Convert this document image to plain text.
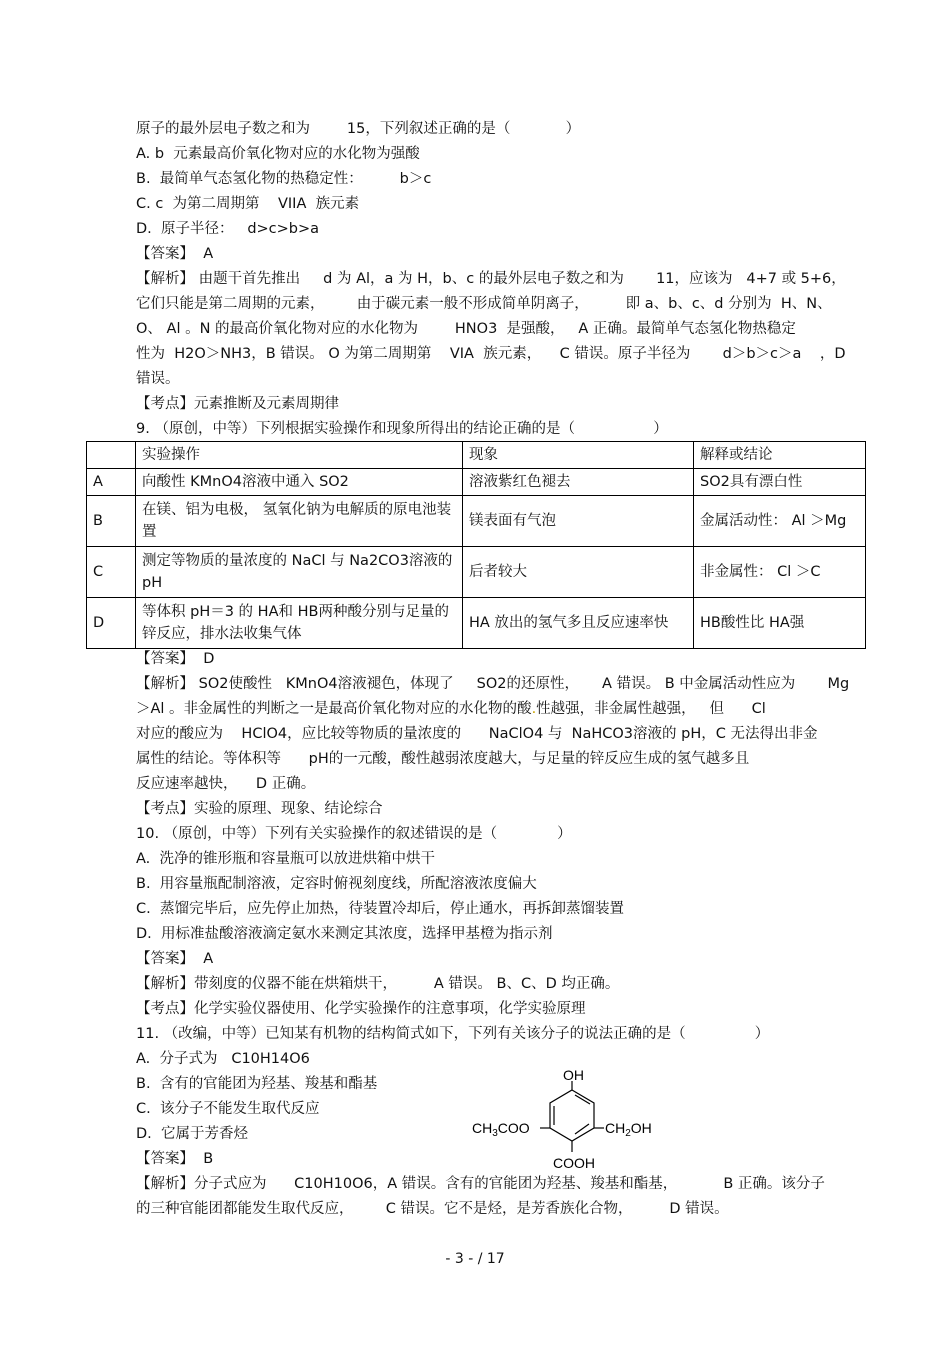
原子的最外层电子数之和为        15，下列叙述正确的是（            ）
A. b  元素最高价氧化物对应的水化物为强酸
B.  最简单气态氢化物的热稳定性：        b＞c
C. c  为第二周期第    VIIA  族元素
D.  原子半径：   d>c>b>a
【答案】  A
【解析】 由题干首先推出     d 为 Al，a 为 H，b、c 的最外层电子数之和为       11，应该为   4+7 或 5+6，
它们只能是第二周期的元素，       由于碳元素一般不形成简单阴离子，        即 a、b、c、d 分别为  H、N、
O、 Al 。N 的最高价氧化物对应的水化物为        HNO3  是强酸，   A 正确。最简单气态氢化物热稳定
性为  H2O＞NH3，B 错误。 O 为第二周期第    VIA  族元素，    C 错误。原子半径为       d＞b＞c＞a    ，D
错误。
【考点】元素推断及元素周期律
9. （原创，中等）下列根据实验操作和现象所得出的结论正确的是（                 ）
	实验操作	现象	解释或结论
A	向酸性 KMnO4溶液中通入 SO2	溶液紫红色褪去	SO2具有漂白性
B	在镁、铝为电极， 氢氧化钠为电解质的原电池装置	镁表面有气泡	金属活动性： Al ＞Mg
C	测定等物质的量浓度的 NaCl 与 Na2CO3溶液的 pH	后者较大	非金属性： Cl ＞C
D	等体积 pH＝3 的 HA和 HB两种酸分别与足量的锌反应，排水法收集气体	HA 放出的氢气多且反应速率快	HB酸性比 HA强
【答案】  D
【解析】 SO2使酸性   KMnO4溶液褪色，体现了     SO2的还原性，     A 错误。 B 中金属活动性应为       Mg
＞Al 。非金属性的判断之一是最高价氧化物对应的水化物的酸.性越强，非金属性越强，   但      Cl
对应的酸应为    HClO4，应比较等物质的量浓度的      NaClO4 与  NaHCO3溶液的 pH，C 无法得出非金
属性的结论。等体积等      pH的一元酸，酸性越弱浓度越大，与足量的锌反应生成的氢气越多且
反应速率越快，    D 正确。
【考点】实验的原理、现象、结论综合
10. （原创，中等）下列有关实验操作的叙述错误的是（             ）
A.  洗净的锥形瓶和容量瓶可以放进烘箱中烘干
B.  用容量瓶配制溶液，定容时俯视刻度线，所配溶液浓度偏大
C.  蒸馏完毕后，应先停止加热，待装置冷却后，停止通水，再拆卸蒸馏装置
D.  用标准盐酸溶液滴定氨水来测定其浓度，选择甲基橙为指示剂
【答案】  A
【解析】带刻度的仪器不能在烘箱烘干，        A 错误。 B、C、D 均正确。
【考点】化学实验仪器使用、化学实验操作的注意事项，化学实验原理
11. （改编，中等）已知某有机物的结构简式如下，下列有关该分子的说法正确的是（               ）
A.  分子式为   C10H14O6
B.  含有的官能团为羟基、羧基和酯基
C.  该分子不能发生取代反应
D.  它属于芳香烃
【答案】  B
【解析】分子式应为      C10H10O6，A 错误。含有的官能团为羟基、羧基和酯基，          B 正确。该分子
的三种官能团都能发生取代反应，       C 错误。它不是烃，是芳香族化合物，        D 错误。
OH
$CH_3COO$	$CH_2OH$
COOH
- 3 - / 17
